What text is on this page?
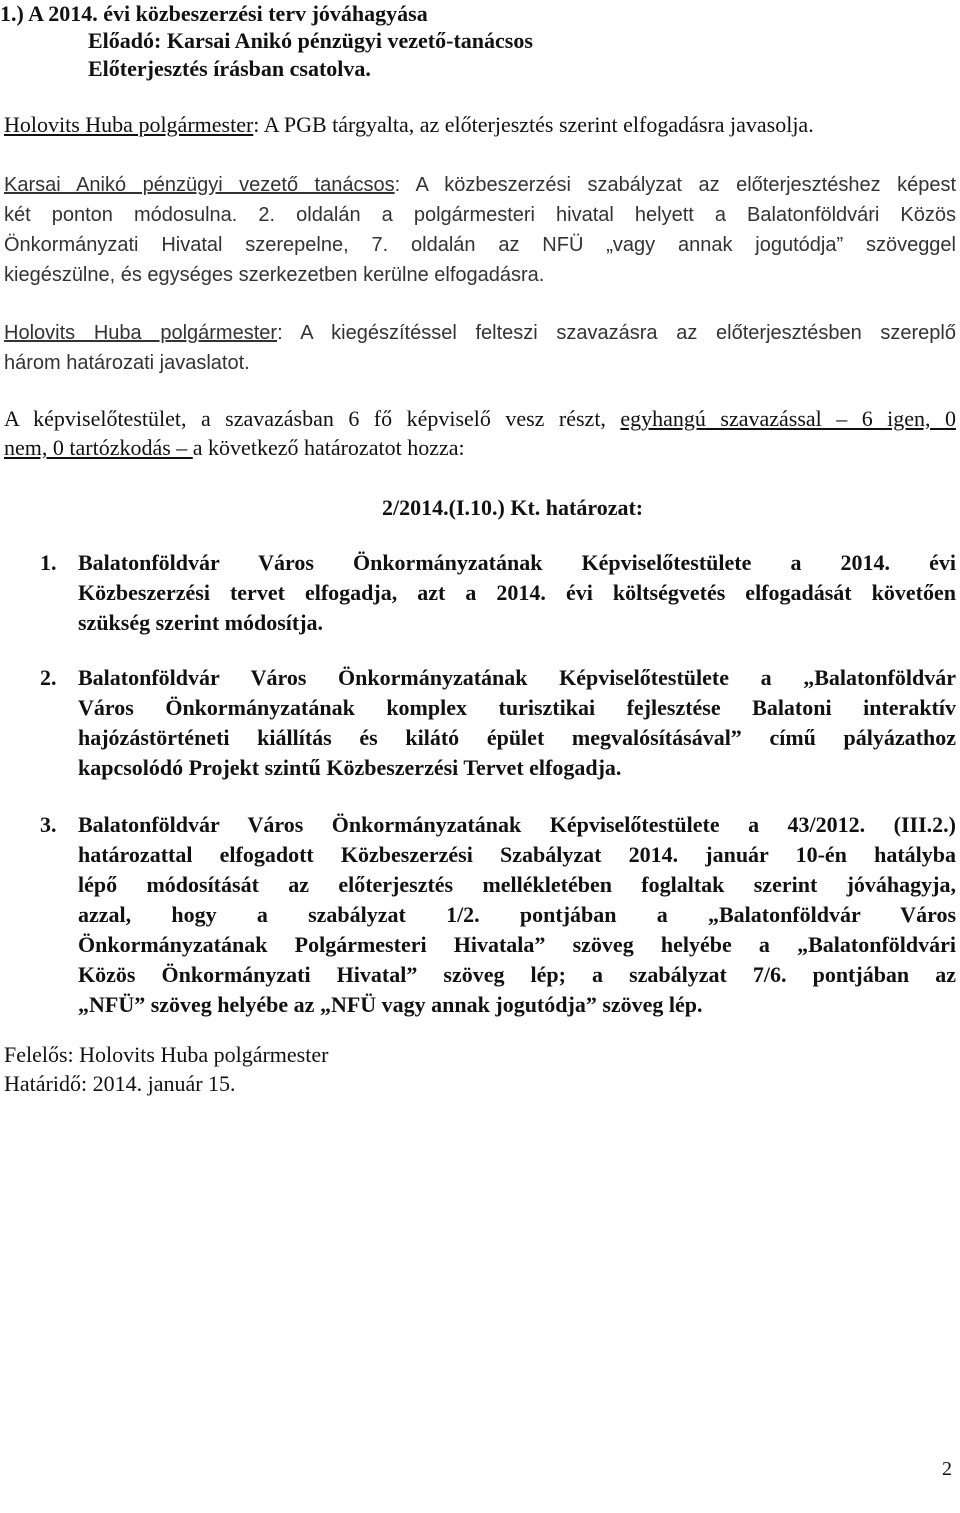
1.) A 2014. évi közbeszerzési terv jóváhagyása
Előadó: Karsai Anikó pénzügyi vezető-tanácsos
Előterjesztés írásban csatolva.
Holovits Huba polgármester: A PGB tárgyalta, az előterjesztés szerint elfogadásra javasolja.
Karsai Anikó pénzügyi vezető tanácsos: A közbeszerzési szabályzat az előterjesztéshez képest
két ponton módosulna. 2. oldalán a polgármesteri hivatal helyett a Balatonföldvári Közös
Önkormányzati Hivatal szerepelne, 7. oldalán az NFÜ „vagy annak jogutódja” szöveggel
kiegészülne, és egységes szerkezetben kerülne elfogadásra.
Holovits Huba polgármester: A kiegészítéssel felteszi szavazásra az előterjesztésben szereplő
három határozati javaslatot.
A képviselőtestület, a szavazásban 6 fő képviselő vesz részt, egyhangú szavazással – 6 igen, 0
nem, 0 tartózkodás – a következő határozatot hozza:
2/2014.(I.10.) Kt. határozat:
1. Balatonföldvár Város Önkormányzatának Képviselőtestülete a 2014. évi
Közbeszerzési tervet elfogadja, azt a 2014. évi költségvetés elfogadását követően
szükség szerint módosítja.
2. Balatonföldvár Város Önkormányzatának Képviselőtestülete a „Balatonföldvár
Város Önkormányzatának komplex turisztikai fejlesztése Balatoni interaktív
hajózástörténeti kiállítás és kilátó épület megvalósításával” című pályázathoz
kapcsolódó Projekt szintű Közbeszerzési Tervet elfogadja.
3. Balatonföldvár Város Önkormányzatának Képviselőtestülete a 43/2012. (III.2.)
határozattal elfogadott Közbeszerzési Szabályzat 2014. január 10-én hatályba
lépő módosítását az előterjesztés mellékletében foglaltak szerint jóváhagyja,
azzal, hogy a szabályzat 1/2. pontjában a „Balatonföldvár Város
Önkormányzatának Polgármesteri Hivatala” szöveg helyébe a „Balatonföldvári
Közös Önkormányzati Hivatal” szöveg lép; a szabályzat 7/6. pontjában az
„NFÜ” szöveg helyébe az „NFÜ vagy annak jogutódja” szöveg lép.
Felelős: Holovits Huba polgármester
Határidő: 2014. január 15.
2
